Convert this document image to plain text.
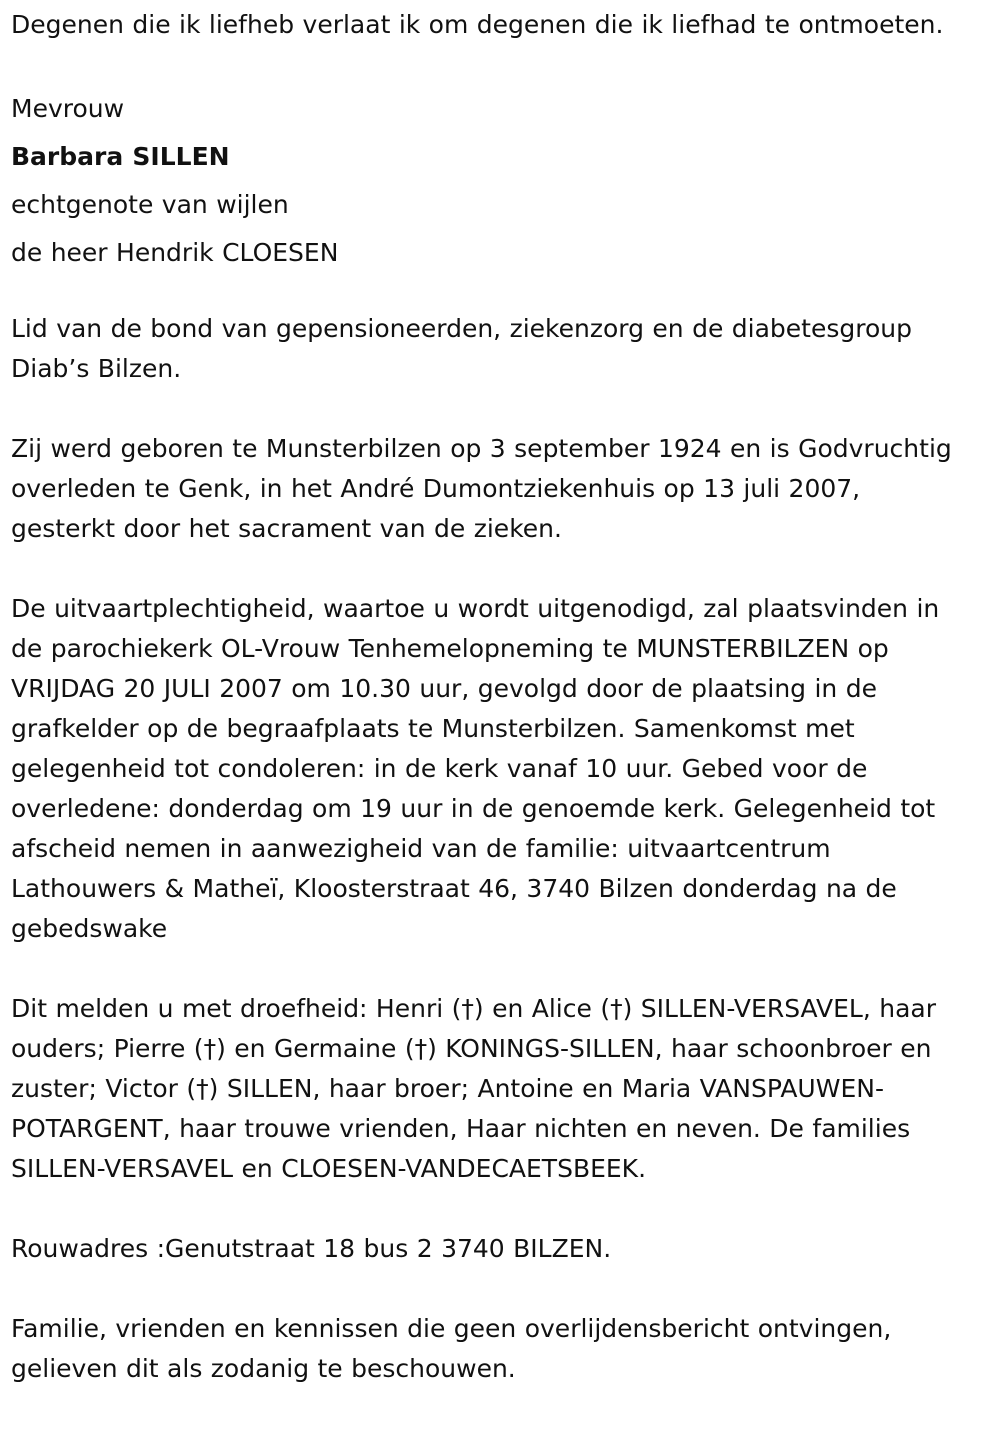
Degenen die ik liefheb verlaat ik om degenen die ik liefhad te ontmoeten.

Mevrouw
Barbara SILLEN
echtgenote van wijlen
de heer Hendrik CLOESEN

Lid van de bond van gepensioneerden, ziekenzorg en de diabetesgroup Diab’s Bilzen.

Zij werd geboren te Munsterbilzen op 3 september 1924 en is Godvruchtig overleden te Genk, in het André Dumontziekenhuis op 13 juli 2007, gesterkt door het sacrament van de zieken.

De uitvaartplechtigheid, waartoe u wordt uitgenodigd, zal plaatsvinden in de parochiekerk OL-Vrouw Tenhemelopneming te MUNSTERBILZEN op VRIJDAG 20 JULI 2007 om 10.30 uur, gevolgd door de plaatsing in de grafkelder op de begraafplaats te Munsterbilzen. Samenkomst met gelegenheid tot condoleren: in de kerk vanaf 10 uur. Gebed voor de overledene: donderdag om 19 uur in de genoemde kerk. Gelegenheid tot afscheid nemen in aanwezigheid van de familie: uitvaartcentrum Lathouwers & Matheï, Kloosterstraat 46, 3740 Bilzen donderdag na de gebedswake

Dit melden u met droefheid: Henri (†) en Alice (†) SILLEN-VERSAVEL, haar ouders; Pierre (†) en Germaine (†) KONINGS-SILLEN, haar schoonbroer en zuster; Victor (†) SILLEN, haar broer; Antoine en Maria VANSPAUWEN-POTARGENT, haar trouwe vrienden, Haar nichten en neven. De families SILLEN-VERSAVEL en CLOESEN-VANDECAETSBEEK.

Rouwadres :Genutstraat 18 bus 2 3740 BILZEN.

Familie, vrienden en kennissen die geen overlijdensbericht ontvingen, gelieven dit als zodanig te beschouwen.
